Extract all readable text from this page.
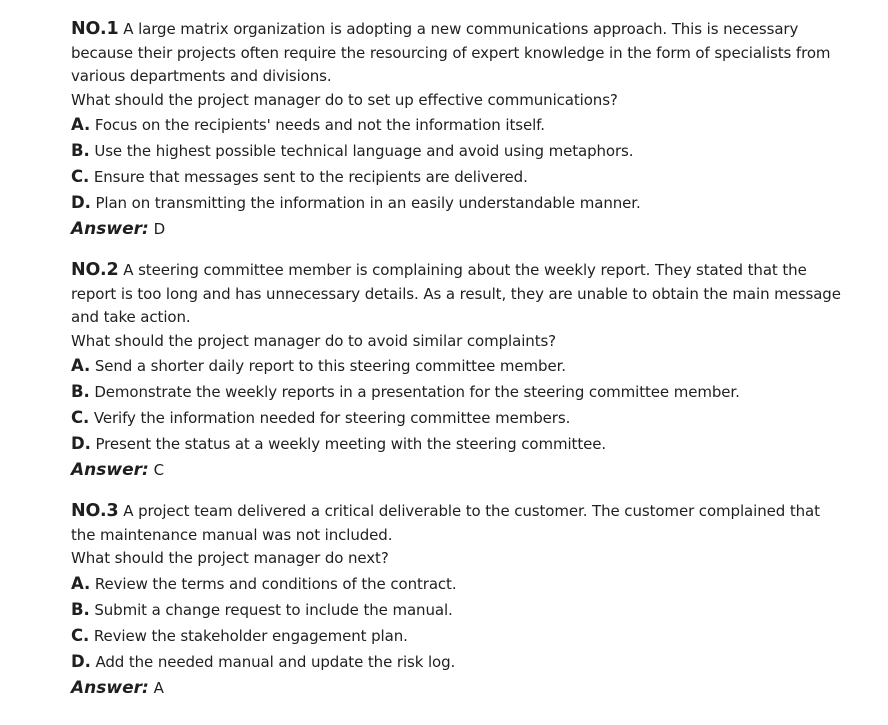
NO.1 A large matrix organization is adopting a new communications approach. This is necessary because their projects often require the resourcing of expert knowledge in the form of specialists from various departments and divisions.

What should the project manager do to set up effective communications?

A. Focus on the recipients' needs and not the information itself.
B. Use the highest possible technical language and avoid using metaphors.
C. Ensure that messages sent to the recipients are delivered.
D. Plan on transmitting the information in an easily understandable manner.
Answer: D

NO.2 A steering committee member is complaining about the weekly report. They stated that the report is too long and has unnecessary details. As a result, they are unable to obtain the main message and take action.

What should the project manager do to avoid similar complaints?

A. Send a shorter daily report to this steering committee member.
B. Demonstrate the weekly reports in a presentation for the steering committee member.
C. Verify the information needed for steering committee members.
D. Present the status at a weekly meeting with the steering committee.
Answer: C

NO.3 A project team delivered a critical deliverable to the customer. The customer complained that the maintenance manual was not included.

What should the project manager do next?

A. Review the terms and conditions of the contract.
B. Submit a change request to include the manual.
C. Review the stakeholder engagement plan.
D. Add the needed manual and update the risk log.
Answer: A
